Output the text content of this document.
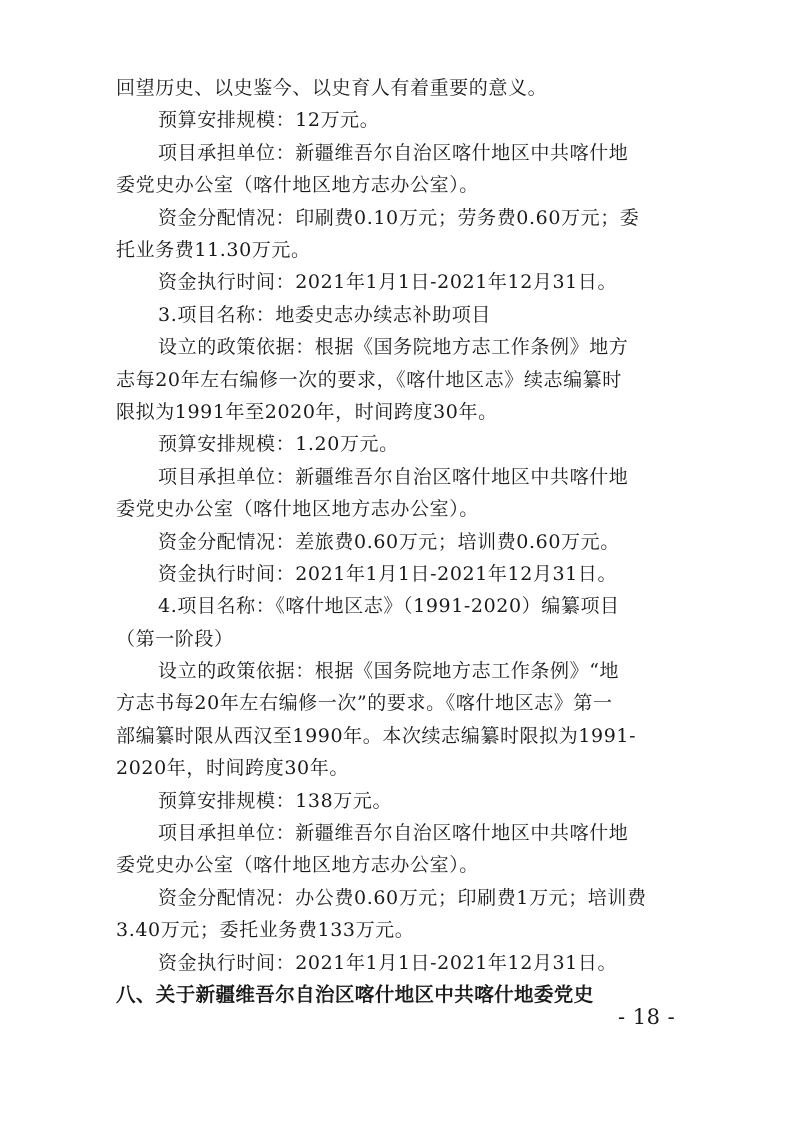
回望历史、以史鉴今、以史育人有着重要的意义。
预算安排规模：12万元。
项目承担单位：新疆维吾尔自治区喀什地区中共喀什地
委党史办公室（喀什地区地方志办公室）。
资金分配情况：印刷费0.10万元；劳务费0.60万元；委
托业务费11.30万元。
资金执行时间：2021年1月1日-2021年12月31日。
3.项目名称：地委史志办续志补助项目
设立的政策依据：根据《国务院地方志工作条例》地方
志每20年左右编修一次的要求，《喀什地区志》续志编纂时
限拟为1991年至2020年，时间跨度30年。
预算安排规模：1.20万元。
项目承担单位：新疆维吾尔自治区喀什地区中共喀什地
委党史办公室（喀什地区地方志办公室）。
资金分配情况：差旅费0.60万元；培训费0.60万元。
资金执行时间：2021年1月1日-2021年12月31日。
4.项目名称：《喀什地区志》（1991-2020）编纂项目
（第一阶段）
设立的政策依据：根据《国务院地方志工作条例》“地
方志书每20年左右编修一次”的要求。《喀什地区志》第一
部编纂时限从西汉至1990年。本次续志编纂时限拟为1991-
2020年，时间跨度30年。
预算安排规模：138万元。
项目承担单位：新疆维吾尔自治区喀什地区中共喀什地
委党史办公室（喀什地区地方志办公室）。
资金分配情况：办公费0.60万元；印刷费1万元；培训费
3.40万元；委托业务费133万元。
资金执行时间：2021年1月1日-2021年12月31日。
八、关于新疆维吾尔自治区喀什地区中共喀什地委党史
- 18 -
